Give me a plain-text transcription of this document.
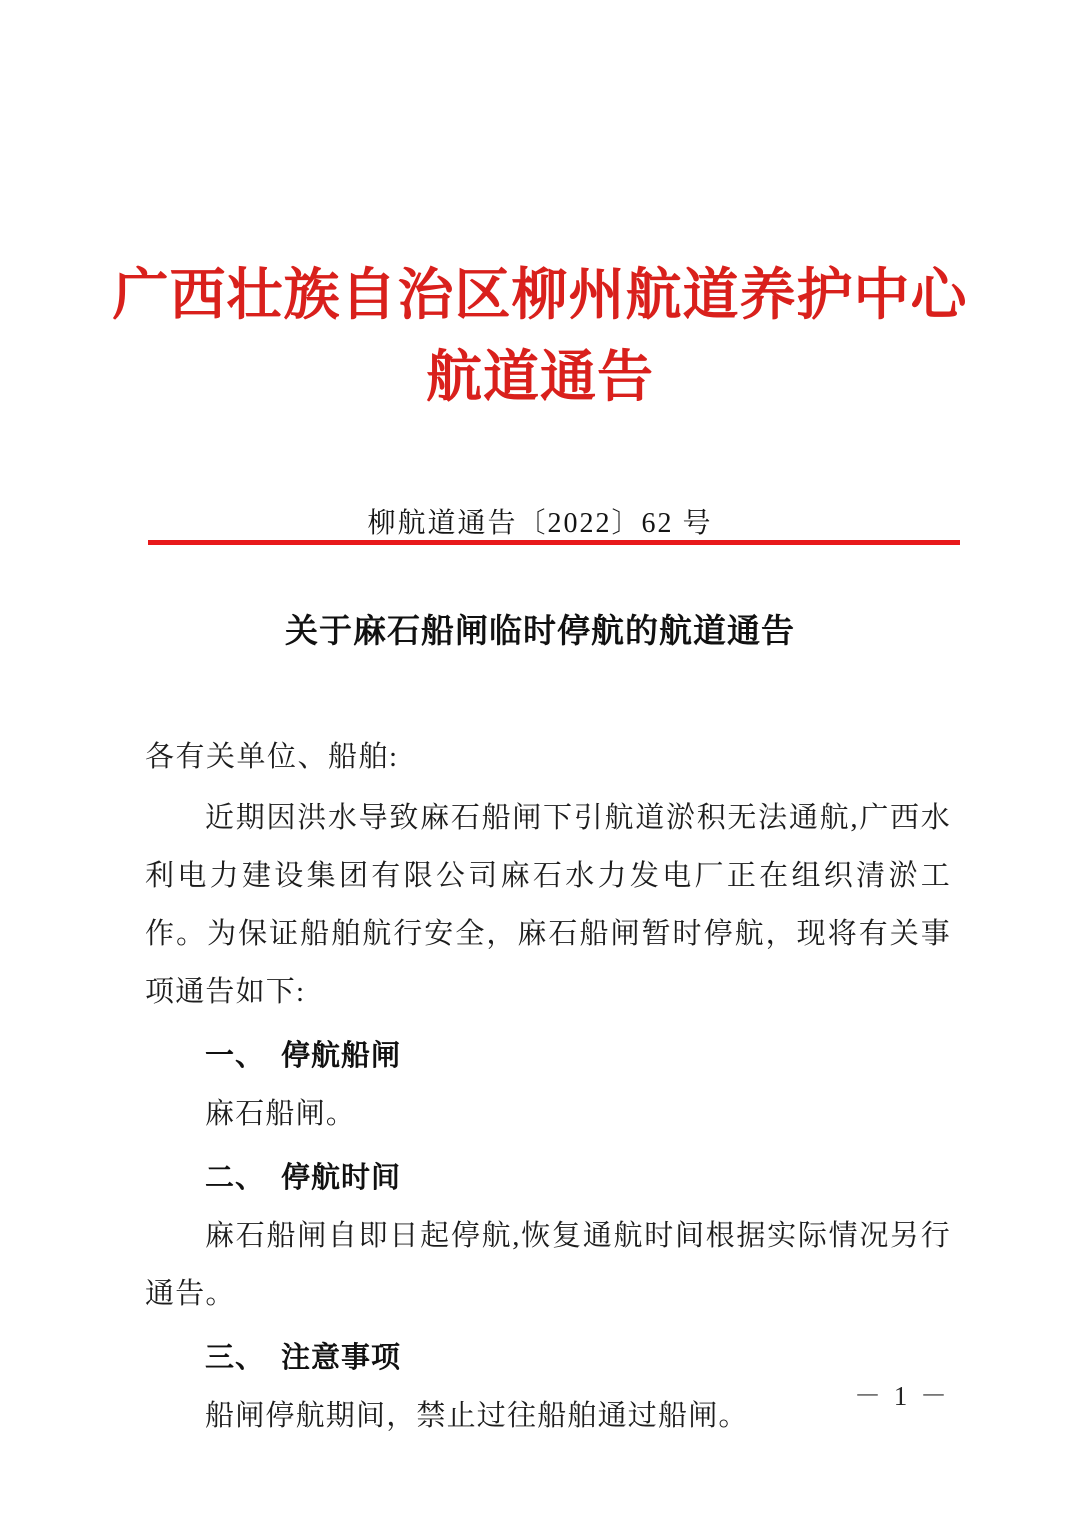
广西壮族自治区柳州航道养护中心
航道通告
柳航道通告〔2022〕62 号
关于麻石船闸临时停航的航道通告

各有关单位、船舶:

近期因洪水导致麻石船闸下引航道淤积无法通航,广西水利电力建设集团有限公司麻石水力发电厂正在组织清淤工作。为保证船舶航行安全，麻石船闸暂时停航，现将有关事项通告如下:

一、 停航船闸

麻石船闸。

二、 停航时间

麻石船闸自即日起停航,恢复通航时间根据实际情况另行通告。

三、 注意事项

船闸停航期间，禁止过往船舶通过船闸。

－ 1 －
